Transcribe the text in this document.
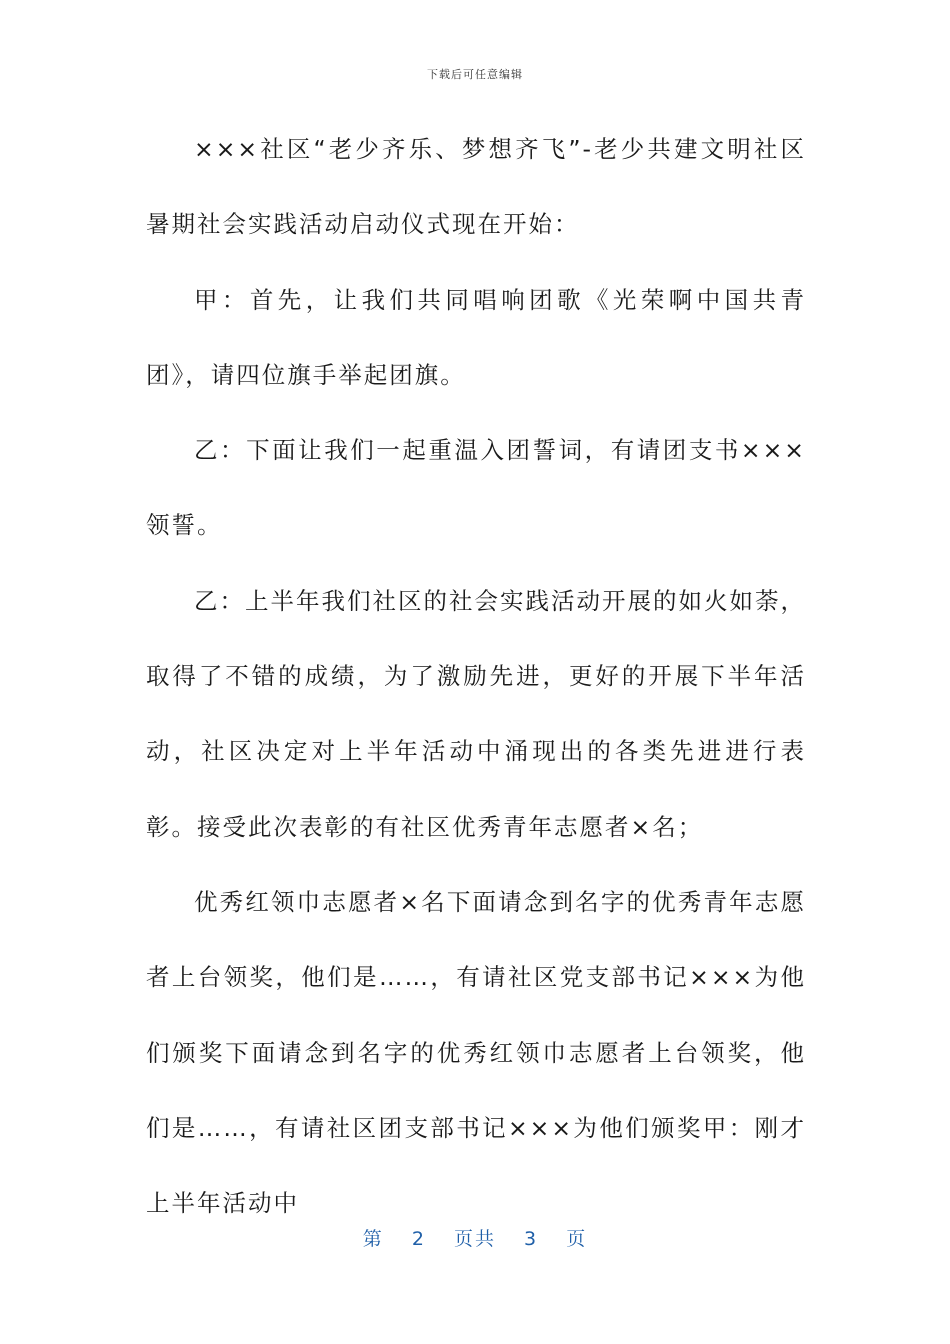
下载后可任意编辑

×××社区“老少齐乐、梦想齐飞”-老少共建文明社区暑期社会实践活动启动仪式现在开始：

甲：首先，让我们共同唱响团歌《光荣啊中国共青团》，请四位旗手举起团旗。

乙：下面让我们一起重温入团誓词，有请团支书×××领誓。

乙：上半年我们社区的社会实践活动开展的如火如荼，取得了不错的成绩，为了激励先进，更好的开展下半年活动，社区决定对上半年活动中涌现出的各类先进进行表彰。接受此次表彰的有社区优秀青年志愿者×名；

优秀红领巾志愿者×名下面请念到名字的优秀青年志愿者上台领奖，他们是……，有请社区党支部书记×××为他们颁奖下面请念到名字的优秀红领巾志愿者上台领奖，他们是……，有请社区团支部书记×××为他们颁奖甲：刚才上半年活动中

第 2 页共 3 页
